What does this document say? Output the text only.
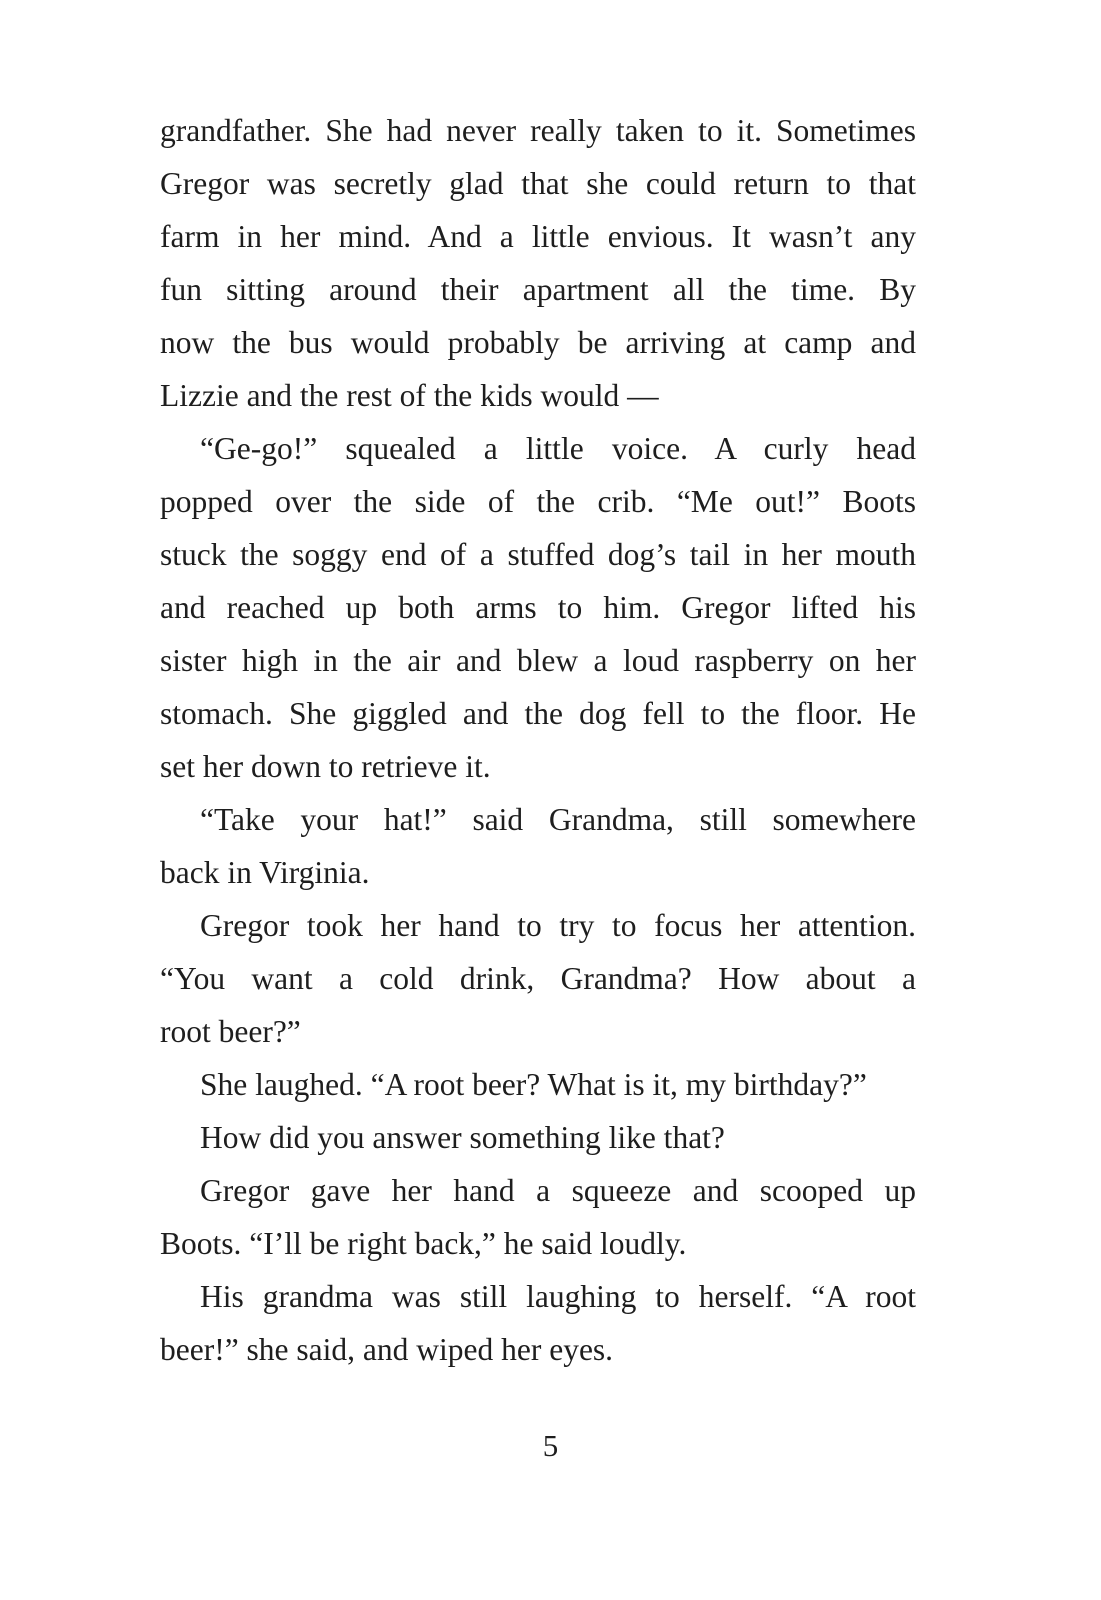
grandfather. She had never really taken to it. Sometimes
Gregor was secretly glad that she could return to that
farm in her mind. And a little envious. It wasn’t any
fun sitting around their apartment all the time. By
now the bus would probably be arriving at camp and
Lizzie and the rest of the kids would —
“Ge-go!” squealed a little voice. A curly head
popped over the side of the crib. “Me out!” Boots
stuck the soggy end of a stuffed dog’s tail in her mouth
and reached up both arms to him. Gregor lifted his
sister high in the air and blew a loud raspberry on her
stomach. She giggled and the dog fell to the floor. He
set her down to retrieve it.
“Take your hat!” said Grandma, still somewhere
back in Virginia.
Gregor took her hand to try to focus her attention.
“You want a cold drink, Grandma? How about a
root beer?”
She laughed. “A root beer? What is it, my birthday?”
How did you answer something like that?
Gregor gave her hand a squeeze and scooped up
Boots. “I’ll be right back,” he said loudly.
His grandma was still laughing to herself. “A root
beer!” she said, and wiped her eyes.
5
